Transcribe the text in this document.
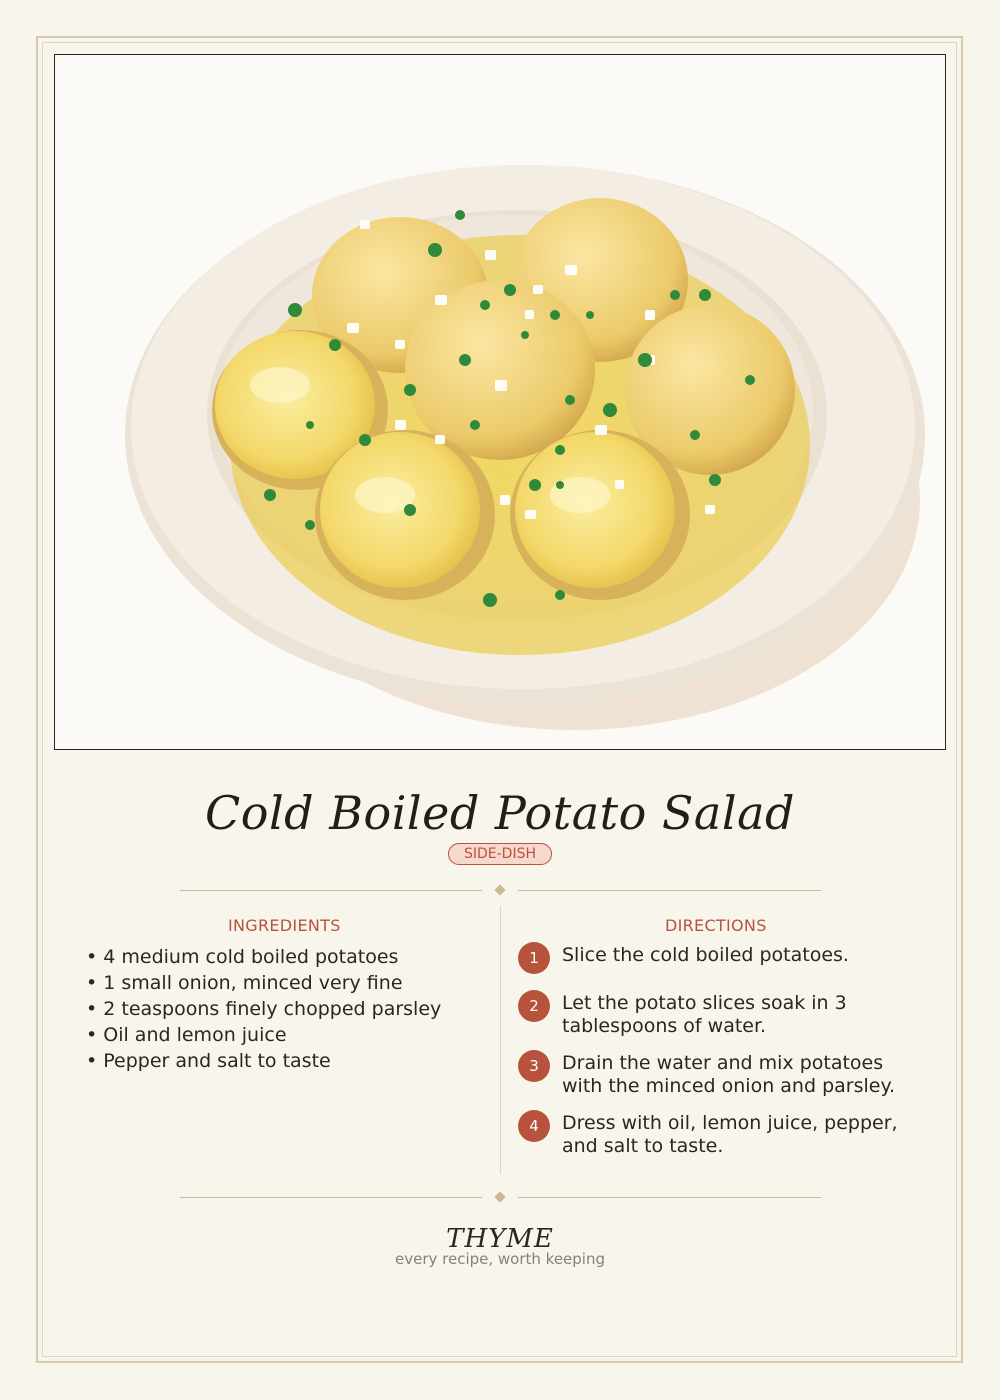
Cold Boiled Potato Salad
SIDE-DISH
INGREDIENTS	DIRECTIONS
• 4 medium cold boiled potatoes
• 1 small onion, minced very fine
• 2 teaspoons finely chopped parsley
• Oil and lemon juice
• Pepper and salt to taste
1	Slice the cold boiled potatoes.
2	Let the potato slices soak in 3 tablespoons of water.
3	Drain the water and mix potatoes with the minced onion and parsley.
4	Dress with oil, lemon juice, pepper, and salt to taste.
THYME
every recipe, worth keeping
